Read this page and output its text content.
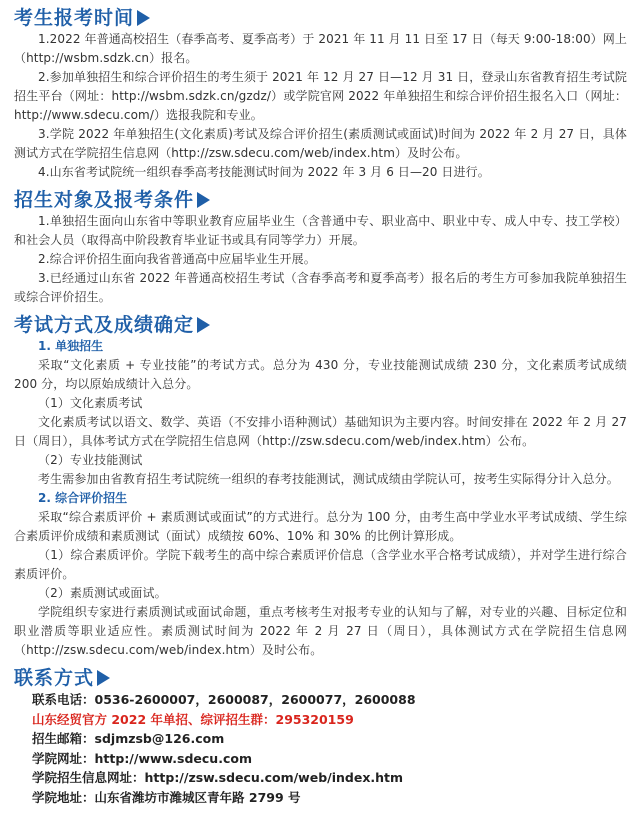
考生报考时间

1.2022 年普通高校招生（春季高考、夏季高考）于 2021 年 11 月 11 日至 17 日（每天 9:00-18:00）网上（http://wsbm.sdzk.cn）报名。

2.参加单独招生和综合评价招生的考生须于 2021 年 12 月 27 日—12 月 31 日，登录山东省教育招生考试院招生平台（网址：http://wsbm.sdzk.cn/gzdz/）或学院官网 2022 年单独招生和综合评价招生报名入口（网址：http://www.sdecu.com/）选报我院和专业。

3.学院 2022 年单独招生(文化素质)考试及综合评价招生(素质测试或面试)时间为 2022 年 2 月 27 日，具体测试方式在学院招生信息网（http://zsw.sdecu.com/web/index.htm）及时公布。

4.山东省考试院统一组织春季高考技能测试时间为 2022 年 3 月 6 日—20 日进行。

招生对象及报考条件

1.单独招生面向山东省中等职业教育应届毕业生（含普通中专、职业高中、职业中专、成人中专、技工学校）和社会人员（取得高中阶段教育毕业证书或具有同等学力）开展。

2.综合评价招生面向我省普通高中应届毕业生开展。

3.已经通过山东省 2022 年普通高校招生考试（含春季高考和夏季高考）报名后的考生方可参加我院单独招生或综合评价招生。

考试方式及成绩确定

1. 单独招生

采取“文化素质 + 专业技能”的考试方式。总分为 430 分，专业技能测试成绩 230 分，文化素质考试成绩 200 分，均以原始成绩计入总分。

（1）文化素质考试

文化素质考试以语文、数学、英语（不安排小语种测试）基础知识为主要内容。时间安排在 2022 年 2 月 27 日（周日），具体考试方式在学院招生信息网（http://zsw.sdecu.com/web/index.htm）公布。

（2）专业技能测试

考生需参加由省教育招生考试院统一组织的春考技能测试，测试成绩由学院认可，按考生实际得分计入总分。

2. 综合评价招生

采取“综合素质评价 + 素质测试或面试”的方式进行。总分为 100 分，由考生高中学业水平考试成绩、学生综合素质评价成绩和素质测试（面试）成绩按 60%、10% 和 30% 的比例计算形成。

（1）综合素质评价。学院下载考生的高中综合素质评价信息（含学业水平合格考试成绩），并对学生进行综合素质评价。

（2）素质测试或面试。

学院组织专家进行素质测试或面试命题，重点考核考生对报考专业的认知与了解，对专业的兴趣、目标定位和职业潜质等职业适应性。素质测试时间为 2022 年 2 月 27 日（周日），具体测试方式在学院招生信息网（http://zsw.sdecu.com/web/index.htm）及时公布。

联系方式
联系电话：0536-2600007，2600087，2600077，2600088
山东经贸官方 2022 年单招、综评招生群：295320159
招生邮箱：sdjmzsb@126.com
学院网址：http://www.sdecu.com
学院招生信息网址：http://zsw.sdecu.com/web/index.htm
学院地址：山东省潍坊市潍城区青年路 2799 号
